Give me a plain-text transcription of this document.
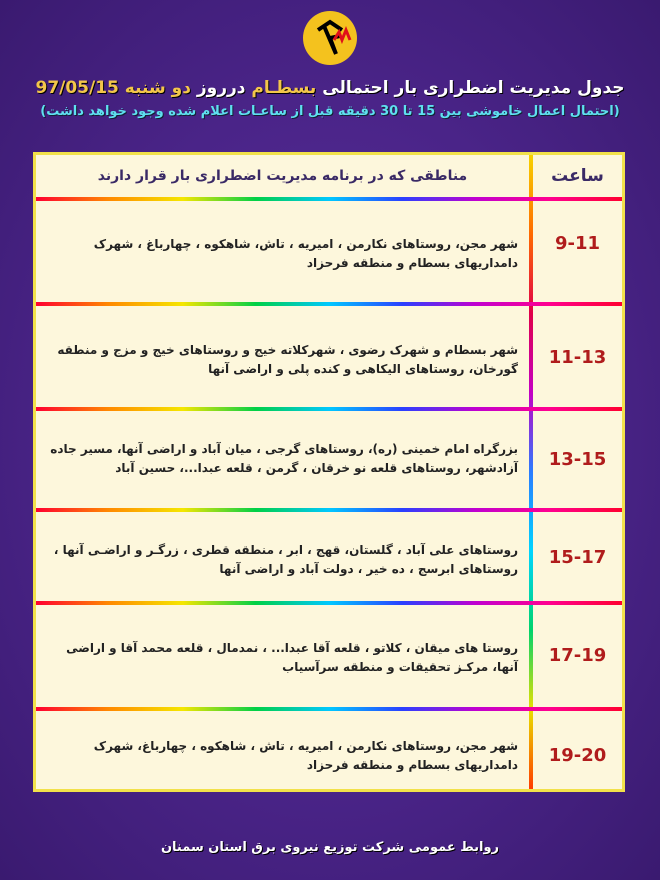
جدول مدیریت اضطراری بار احتمالی بسطـام درروز دو شنبه 97/05/15
(احتمال اعمال خاموشی بین 15 تا 30 دقیقه قبل از ساعـات اعلام شده وجود خواهد داشت)
ساعت
مناطقی که در برنامه مدیریت اضطراری بار قرار دارند
9-11
شهر مجن، روستاهای نکارمن ، امیریه ، تاش، شاهکوه ، چهارباغ ، شهرک دامداریهای بسطام و منطقه فرحزاد
11-13
شهر بسطام و شهرک رضوی ، شهرکلاته خیج و روستاهای خیج و مزج و منطقه گورخان، روستاهای الیکاهی و کنده پلی و اراضی آنها
13-15
بزرگراه امام خمینی (ره)، روستاهای گرجی ، میان آباد و اراضی آنها، مسیر جاده آزادشهر، روستاهای قلعه نو خرقان ، گرمن ، قلعه عبدا...، حسین آباد
15-17
روستاهای علی آباد ، گلستان، قهج ، ابر ، منطقه قطری ، زرگـر و اراضـی آنها ، روستاهای ابرسج ، ده خیر ، دولت آباد و اراضی آنها
17-19
روستا های میقان ، کلاتو ، قلعه آقا عبدا... ، نمدمال ، قلعه محمد آقا و اراضی آنها، مرکـز تحقیقات و منطقه سرآسیاب
19-20
شهر مجن، روستاهای نکارمن ، امیریه ، تاش ، شاهکوه ، چهارباغ، شهرک دامداریهای بسطام و منطقه فرحزاد
روابط عمومی شرکت توزیع نیروی برق استان سمنان
